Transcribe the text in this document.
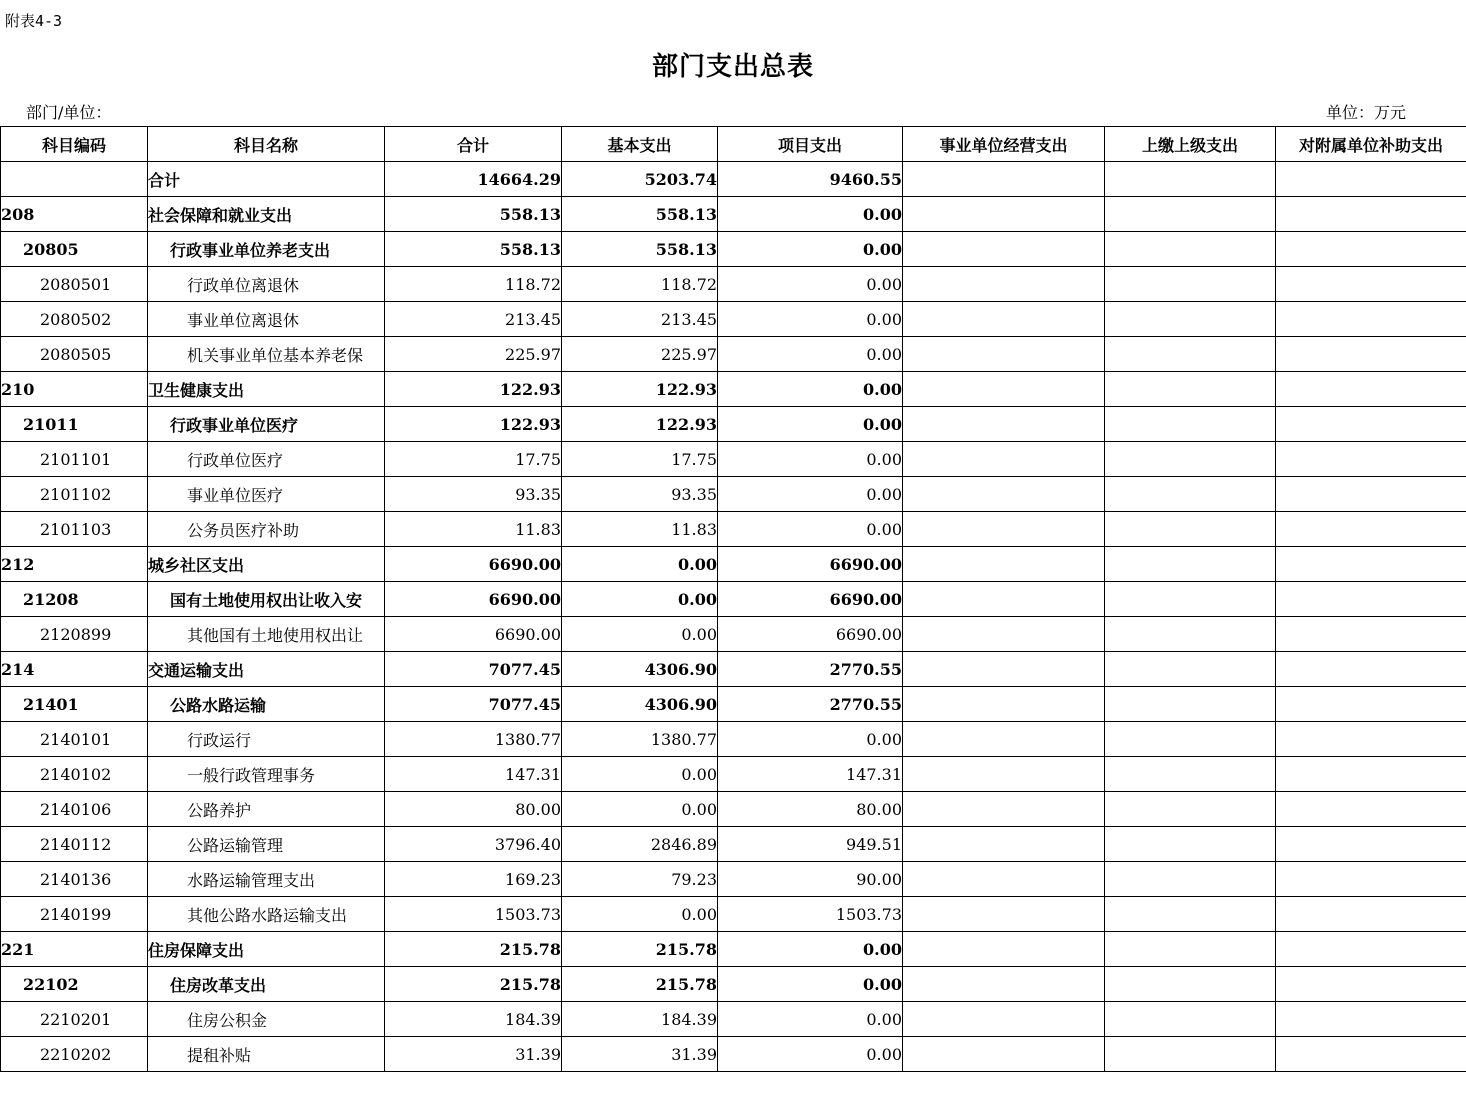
附表4-3
部门支出总表
部门/单位：	单位：万元
科目编码	科目名称	合计	基本支出	项目支出	事业单位经营支出	上缴上级支出	对附属单位补助支出
	合计	14664.29	5203.74	9460.55			
208	社会保障和就业支出	558.13	558.13	0.00			
20805	行政事业单位养老支出	558.13	558.13	0.00			
2080501	行政单位离退休	118.72	118.72	0.00			
2080502	事业单位离退休	213.45	213.45	0.00			
2080505	机关事业单位基本养老保	225.97	225.97	0.00			
210	卫生健康支出	122.93	122.93	0.00			
21011	行政事业单位医疗	122.93	122.93	0.00			
2101101	行政单位医疗	17.75	17.75	0.00			
2101102	事业单位医疗	93.35	93.35	0.00			
2101103	公务员医疗补助	11.83	11.83	0.00			
212	城乡社区支出	6690.00	0.00	6690.00			
21208	国有土地使用权出让收入安	6690.00	0.00	6690.00			
2120899	其他国有土地使用权出让	6690.00	0.00	6690.00			
214	交通运输支出	7077.45	4306.90	2770.55			
21401	公路水路运输	7077.45	4306.90	2770.55			
2140101	行政运行	1380.77	1380.77	0.00			
2140102	一般行政管理事务	147.31	0.00	147.31			
2140106	公路养护	80.00	0.00	80.00			
2140112	公路运输管理	3796.40	2846.89	949.51			
2140136	水路运输管理支出	169.23	79.23	90.00			
2140199	其他公路水路运输支出	1503.73	0.00	1503.73			
221	住房保障支出	215.78	215.78	0.00			
22102	住房改革支出	215.78	215.78	0.00			
2210201	住房公积金	184.39	184.39	0.00			
2210202	提租补贴	31.39	31.39	0.00			
